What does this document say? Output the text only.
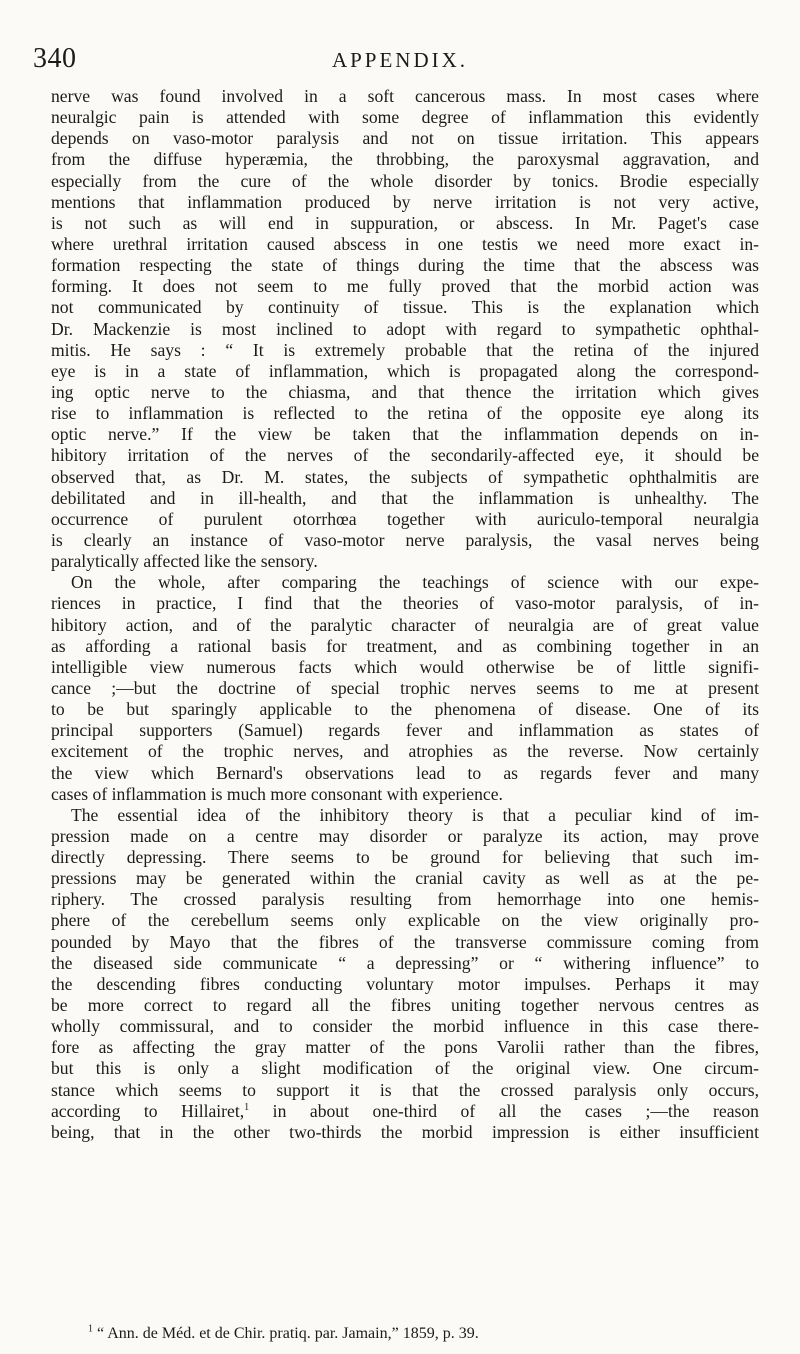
340	APPENDIX.
nerve was found involved in a soft cancerous mass. In most cases where
neuralgic pain is attended with some degree of inflammation this evidently
depends on vaso-motor paralysis and not on tissue irritation. This appears
from the diffuse hyperæmia, the throbbing, the paroxysmal aggravation, and
especially from the cure of the whole disorder by tonics. Brodie especially
mentions that inflammation produced by nerve irritation is not very active,
is not such as will end in suppuration, or abscess. In Mr. Paget's case
where urethral irritation caused abscess in one testis we need more exact in-
formation respecting the state of things during the time that the abscess was
forming. It does not seem to me fully proved that the morbid action was
not communicated by continuity of tissue. This is the explanation which
Dr. Mackenzie is most inclined to adopt with regard to sympathetic ophthal-
mitis. He says : “ It is extremely probable that the retina of the injured
eye is in a state of inflammation, which is propagated along the correspond-
ing optic nerve to the chiasma, and that thence the irritation which gives
rise to inflammation is reflected to the retina of the opposite eye along its
optic nerve.” If the view be taken that the inflammation depends on in-
hibitory irritation of the nerves of the secondarily-affected eye, it should be
observed that, as Dr. M. states, the subjects of sympathetic ophthalmitis are
debilitated and in ill-health, and that the inflammation is unhealthy. The
occurrence of purulent otorrhœa together with auriculo-temporal neuralgia
is clearly an instance of vaso-motor nerve paralysis, the vasal nerves being
paralytically affected like the sensory.
On the whole, after comparing the teachings of science with our expe-
riences in practice, I find that the theories of vaso-motor paralysis, of in-
hibitory action, and of the paralytic character of neuralgia are of great value
as affording a rational basis for treatment, and as combining together in an
intelligible view numerous facts which would otherwise be of little signifi-
cance ;—but the doctrine of special trophic nerves seems to me at present
to be but sparingly applicable to the phenomena of disease. One of its
principal supporters (Samuel) regards fever and inflammation as states of
excitement of the trophic nerves, and atrophies as the reverse. Now certainly
the view which Bernard's observations lead to as regards fever and many
cases of inflammation is much more consonant with experience.
The essential idea of the inhibitory theory is that a peculiar kind of im-
pression made on a centre may disorder or paralyze its action, may prove
directly depressing. There seems to be ground for believing that such im-
pressions may be generated within the cranial cavity as well as at the pe-
riphery. The crossed paralysis resulting from hemorrhage into one hemis-
phere of the cerebellum seems only explicable on the view originally pro-
pounded by Mayo that the fibres of the transverse commissure coming from
the diseased side communicate “ a depressing” or “ withering influence” to
the descending fibres conducting voluntary motor impulses. Perhaps it may
be more correct to regard all the fibres uniting together nervous centres as
wholly commissural, and to consider the morbid influence in this case there-
fore as affecting the gray matter of the pons Varolii rather than the fibres,
but this is only a slight modification of the original view. One circum-
stance which seems to support it is that the crossed paralysis only occurs,
according to Hillairet,$^1$ in about one-third of all the cases ;—the reason
being, that in the other two-thirds the morbid impression is either insufficient
$^1$ “ Ann. de Méd. et de Chir. pratiq. par. Jamain,” 1859, p. 39.
